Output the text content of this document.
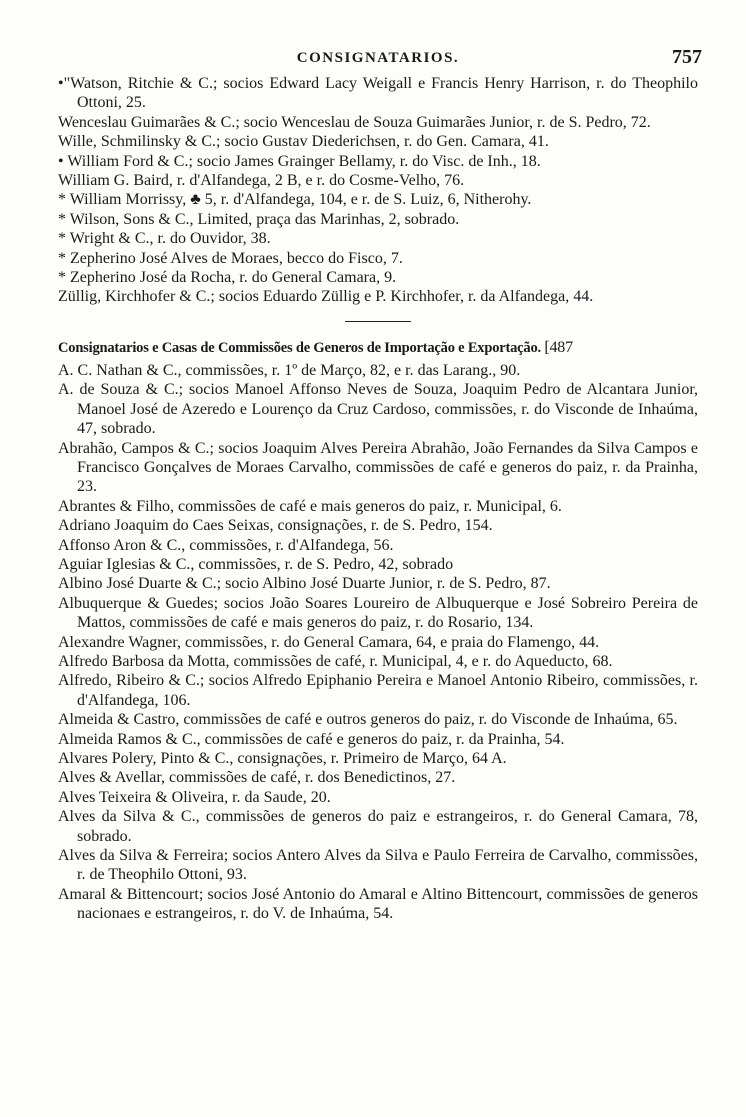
CONSIGNATARIOS.	757
•"Watson, Ritchie & C.; socios Edward Lacy Weigall e Francis Henry Harrison, r. do Theophilo Ottoni, 25.
Wenceslau Guimarães & C.; socio Wenceslau de Souza Guimarães Junior, r. de S. Pedro, 72.
Wille, Schmilinsky & C.; socio Gustav Diederichsen, r. do Gen. Camara, 41.
• William Ford & C.; socio James Grainger Bellamy, r. do Visc. de Inh., 18.
William G. Baird, r. d'Alfandega, 2 B, e r. do Cosme-Velho, 76.
* William Morrissy, ♣ 5, r. d'Alfandega, 104, e r. de S. Luiz, 6, Nitherohy.
* Wilson, Sons & C., Limited, praça das Marinhas, 2, sobrado.
* Wright & C., r. do Ouvidor, 38.
* Zepherino José Alves de Moraes, becco do Fisco, 7.
* Zepherino José da Rocha, r. do General Camara, 9.
Züllig, Kirchhofer & C.; socios Eduardo Züllig e P. Kirchhofer, r. da Alfandega, 44.
Consignatarios e Casas de Commissões de Generos de Importação e Exportação. [487
A. C. Nathan & C., commissões, r. 1º de Março, 82, e r. das Larang., 90.
A. de Souza & C.; socios Manoel Affonso Neves de Souza, Joaquim Pedro de Alcantara Junior, Manoel José de Azeredo e Lourenço da Cruz Cardoso, commissões, r. do Visconde de Inhaúma, 47, sobrado.
Abrahão, Campos & C.; socios Joaquim Alves Pereira Abrahão, João Fernandes da Silva Campos e Francisco Gonçalves de Moraes Carvalho, commissões de café e generos do paiz, r. da Prainha, 23.
Abrantes & Filho, commissões de café e mais generos do paiz, r. Municipal, 6.
Adriano Joaquim do Caes Seixas, consignações, r. de S. Pedro, 154.
Affonso Aron & C., commissões, r. d'Alfandega, 56.
Aguiar Iglesias & C., commissões, r. de S. Pedro, 42, sobrado
Albino José Duarte & C.; socio Albino José Duarte Junior, r. de S. Pedro, 87.
Albuquerque & Guedes; socios João Soares Loureiro de Albuquerque e José Sobreiro Pereira de Mattos, commissões de café e mais generos do paiz, r. do Rosario, 134.
Alexandre Wagner, commissões, r. do General Camara, 64, e praia do Flamengo, 44.
Alfredo Barbosa da Motta, commissões de café, r. Municipal, 4, e r. do Aqueducto, 68.
Alfredo, Ribeiro & C.; socios Alfredo Epiphanio Pereira e Manoel Antonio Ribeiro, commissões, r. d'Alfandega, 106.
Almeida & Castro, commissões de café e outros generos do paiz, r. do Visconde de Inhaúma, 65.
Almeida Ramos & C., commissões de café e generos do paiz, r. da Prainha, 54.
Alvares Polery, Pinto & C., consignações, r. Primeiro de Março, 64 A.
Alves & Avellar, commissões de café, r. dos Benedictinos, 27.
Alves Teixeira & Oliveira, r. da Saude, 20.
Alves da Silva & C., commissões de generos do paiz e estrangeiros, r. do General Camara, 78, sobrado.
Alves da Silva & Ferreira; socios Antero Alves da Silva e Paulo Ferreira de Carvalho, commissões, r. de Theophilo Ottoni, 93.
Amaral & Bittencourt; socios José Antonio do Amaral e Altino Bittencourt, commissões de generos nacionaes e estrangeiros, r. do V. de Inhaúma, 54.
